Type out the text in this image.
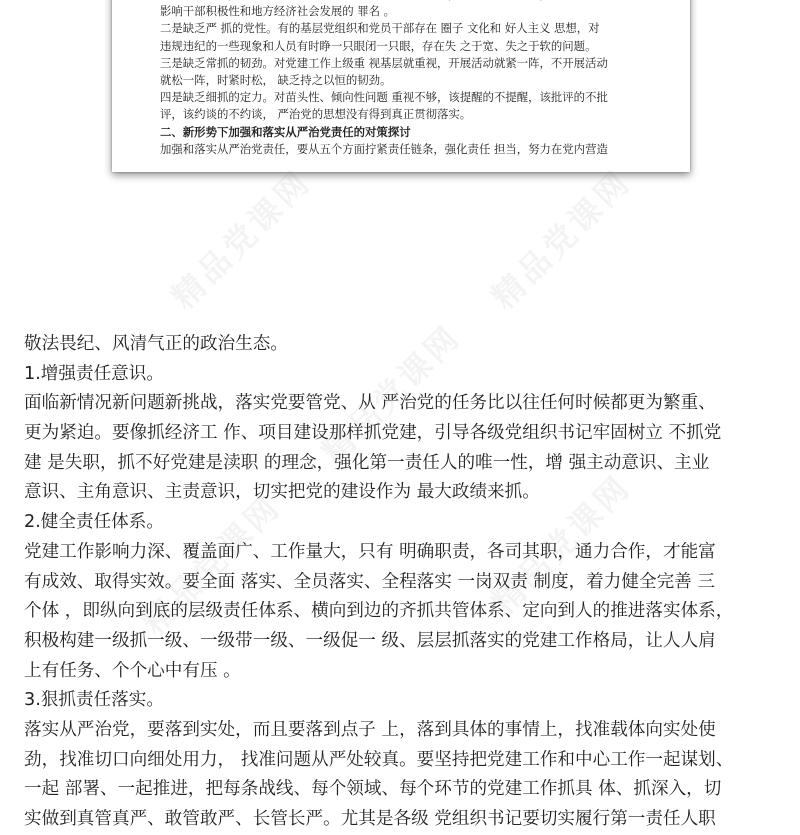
影响干部积极性和地方经济社会发展的 罪名 。
二是缺乏严 抓的党性。有的基层党组织和党员干部存在 圈子 文化和 好人主义 思想，对
违规违纪的一些现象和人员有时睁一只眼闭一只眼，存在失 之于宽、失之于软的问题。
三是缺乏常抓的韧劲。对党建工作上级重 视基层就重视，开展活动就紧一阵，不开展活动
就松一阵，时紧时松， 缺乏持之以恒的韧劲。
四是缺乏细抓的定力。对苗头性、倾向性问题 重视不够，该提醒的不提醒，该批评的不批
评，该约谈的不约谈， 严治党的思想没有得到真正贯彻落实。
二、新形势下加强和落实从严治党责任的对策探讨
加强和落实从严治党责任，要从五个方面拧紧责任链条，强化责任 担当，努力在党内营造
精品党课网	精品党课网
精品党课网
精品党课网	精品党课网
敬法畏纪、风清气正的政治生态。
1.增强责任意识。
面临新情况新问题新挑战，落实党要管党、从 严治党的任务比以往任何时候都更为繁重、
更为紧迫。要像抓经济工 作、项目建设那样抓党建，引导各级党组织书记牢固树立 不抓党
建 是失职，抓不好党建是渎职 的理念，强化第一责任人的唯一性，增 强主动意识、主业
意识、主角意识、主责意识，切实把党的建设作为 最大政绩来抓。
2.健全责任体系。
党建工作影响力深、覆盖面广、工作量大，只有 明确职责，各司其职，通力合作，才能富
有成效、取得实效。要全面 落实、全员落实、全程落实 一岗双责 制度，着力健全完善 三
个体 ，即纵向到底的层级责任体系、横向到边的齐抓共管体系、定向到人的推进落实体系，
积极构建一级抓一级、一级带一级、一级促一 级、层层抓落实的党建工作格局，让人人肩
上有任务、个个心中有压 。
3.狠抓责任落实。
落实从严治党，要落到实处，而且要落到点子 上，落到具体的事情上，找准载体向实处使
劲，找准切口向细处用力， 找准问题从严处较真。要坚持把党建工作和中心工作一起谋划、
一起 部署、一起推进，把每条战线、每个领域、每个环节的党建工作抓具 体、抓深入，切
实做到真管真严、敢管敢严、长管长严。尤其是各级 党组织书记要切实履行第一责任人职
